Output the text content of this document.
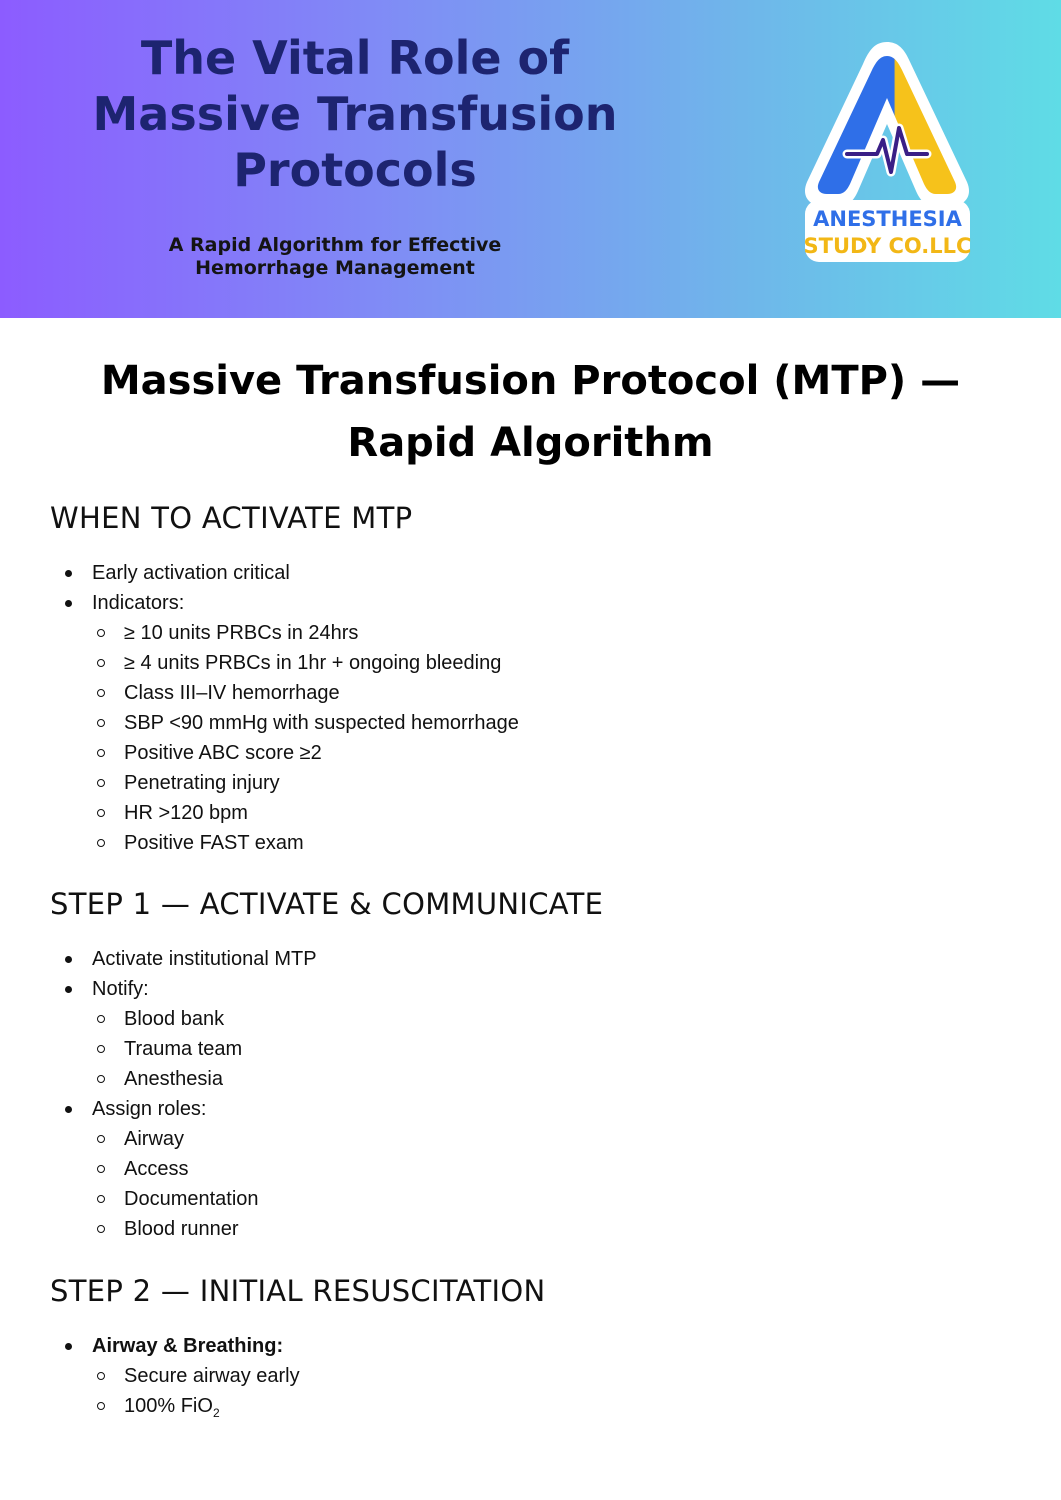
The Vital Role of
Massive Transfusion
Protocols

A Rapid Algorithm for Effective
Hemorrhage Management

ANESTHESIA
STUDY CO.LLC
Massive Transfusion Protocol (MTP) —
Rapid Algorithm
WHEN TO ACTIVATE MTP
Early activation critical
Indicators:
≥ 10 units PRBCs in 24hrs
≥ 4 units PRBCs in 1hr + ongoing bleeding
Class III–IV hemorrhage
SBP <90 mmHg with suspected hemorrhage
Positive ABC score ≥2
Penetrating injury
HR >120 bpm
Positive FAST exam
STEP 1 — ACTIVATE & COMMUNICATE
Activate institutional MTP
Notify:
Blood bank
Trauma team
Anesthesia
Assign roles:
Airway
Access
Documentation
Blood runner
STEP 2 — INITIAL RESUSCITATION
Airway & Breathing:
Secure airway early
100% FiO$_2$
